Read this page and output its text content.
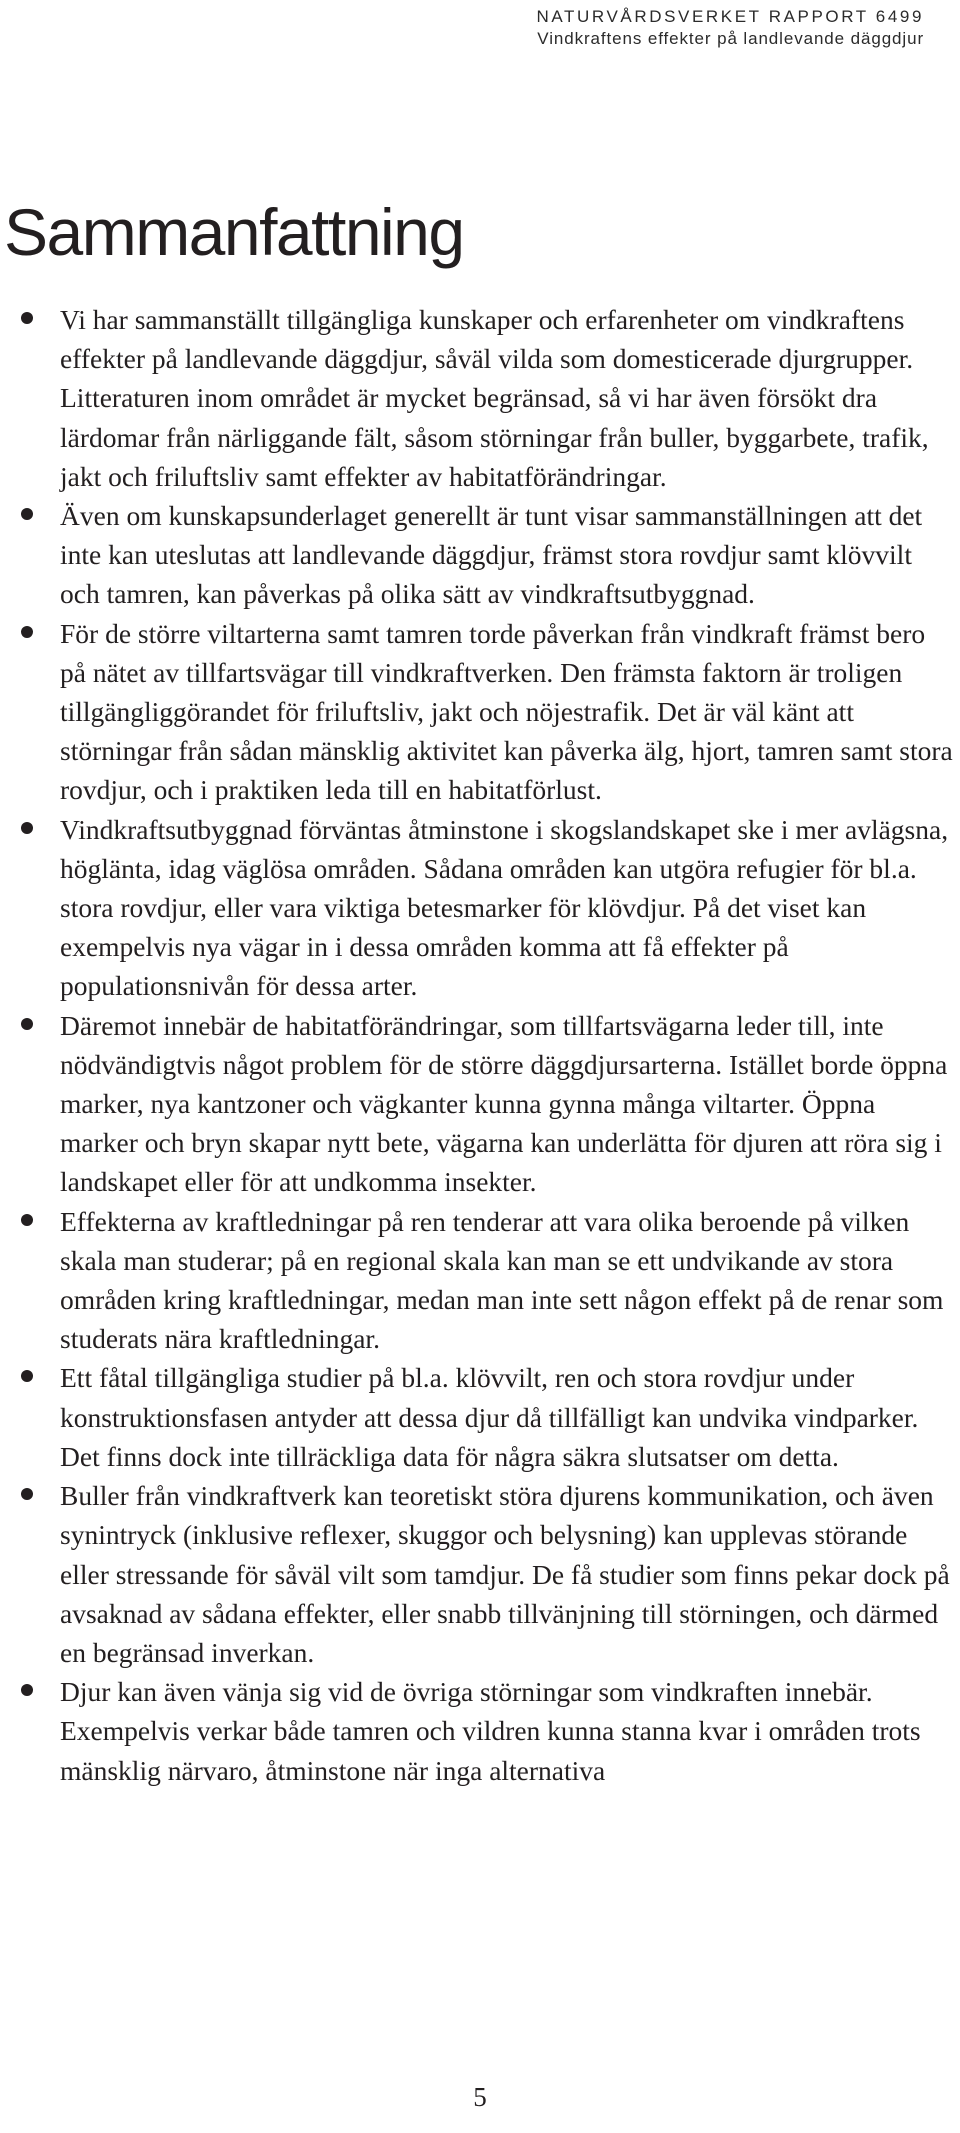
NATURVÅRDSVERKET RAPPORT 6499
Vindkraftens effekter på landlevande däggdjur
Sammanfattning
Vi har sammanställt tillgängliga kunskaper och erfarenheter om vindkraftens effekter på landlevande däggdjur, såväl vilda som domesticerade djurgrupper. Litteraturen inom området är mycket begränsad, så vi har även försökt dra lärdomar från närliggande fält, såsom störningar från buller, byggarbete, trafik, jakt och friluftsliv samt effekter av habitatförändringar.
Även om kunskapsunderlaget generellt är tunt visar sammanställningen att det inte kan uteslutas att landlevande däggdjur, främst stora rovdjur samt klövvilt och tamren, kan påverkas på olika sätt av vindkraftsutbyggnad.
För de större viltarterna samt tamren torde påverkan från vindkraft främst bero på nätet av tillfartsvägar till vindkraftverken. Den främsta faktorn är troligen tillgängliggörandet för friluftsliv, jakt och nöjestrafik. Det är väl känt att störningar från sådan mänsklig aktivitet kan påverka älg, hjort, tamren samt stora rovdjur, och i praktiken leda till en habitatförlust.
Vindkraftsutbyggnad förväntas åtminstone i skogslandskapet ske i mer avlägsna, höglänta, idag väglösa områden. Sådana områden kan utgöra refugier för bl.a. stora rovdjur, eller vara viktiga betesmarker för klövdjur. På det viset kan exempelvis nya vägar in i dessa områden komma att få effekter på populationsnivån för dessa arter.
Däremot innebär de habitatförändringar, som tillfartsvägarna leder till, inte nödvändigtvis något problem för de större däggdjursarterna. Istället borde öppna marker, nya kantzoner och vägkanter kunna gynna många viltarter. Öppna marker och bryn skapar nytt bete, vägarna kan underlätta för djuren att röra sig i landskapet eller för att undkomma insekter.
Effekterna av kraftledningar på ren tenderar att vara olika beroende på vilken skala man studerar; på en regional skala kan man se ett undvikande av stora områden kring kraftledningar, medan man inte sett någon effekt på de renar som studerats nära kraftledningar.
Ett fåtal tillgängliga studier på bl.a. klövvilt, ren och stora rovdjur under konstruktionsfasen antyder att dessa djur då tillfälligt kan undvika vindparker. Det finns dock inte tillräckliga data för några säkra slutsatser om detta.
Buller från vindkraftverk kan teoretiskt störa djurens kommunikation, och även synintryck (inklusive reflexer, skuggor och belysning) kan upplevas störande eller stressande för såväl vilt som tamdjur. De få studier som finns pekar dock på avsaknad av sådana effekter, eller snabb tillvänjning till störningen, och därmed en begränsad inverkan.
Djur kan även vänja sig vid de övriga störningar som vindkraften innebär. Exempelvis verkar både tamren och vildren kunna stanna kvar i områden trots mänsklig närvaro, åtminstone när inga alternativa
5
